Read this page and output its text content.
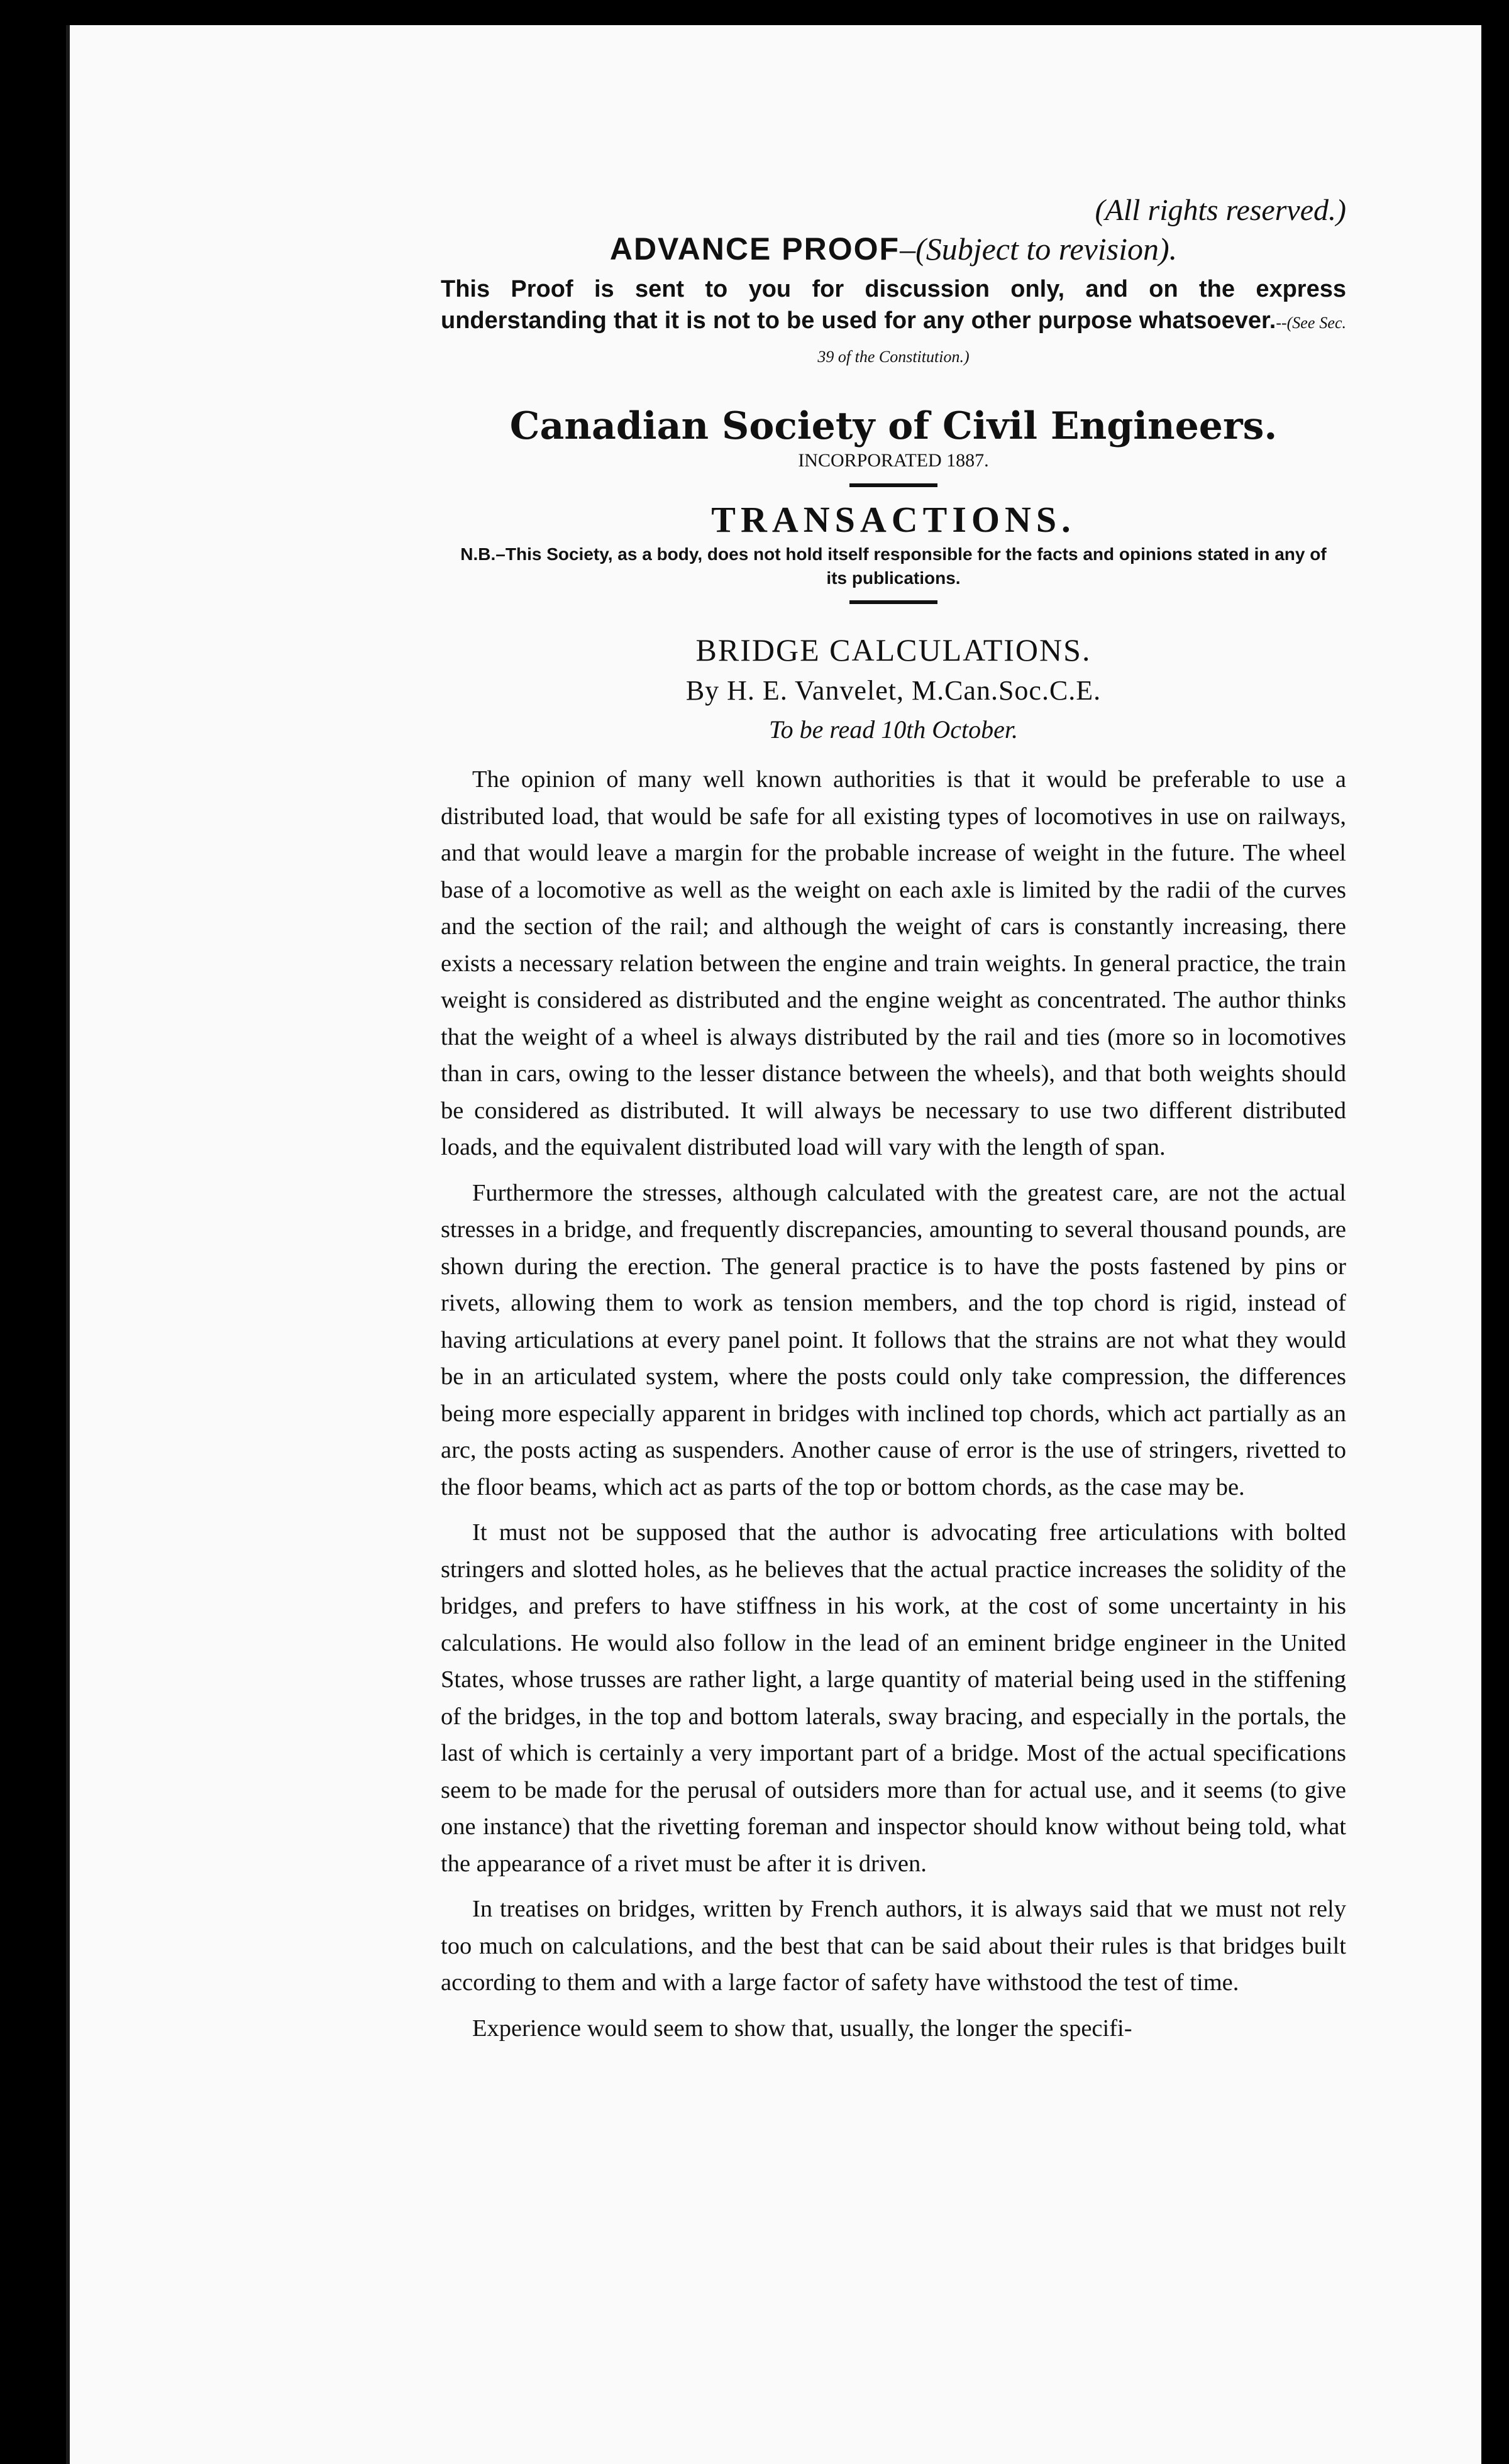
(All rights reserved.)
ADVANCE PROOF–(Subject to revision).
This Proof is sent to you for discussion only, and on the express understanding that it is not to be used for any other purpose whatsoever.--(See Sec. 39 of the Constitution.)
Canadian Society of Civil Engineers.
INCORPORATED 1887.
TRANSACTIONS.
N.B.–This Society, as a body, does not hold itself responsible for the facts and opinions stated in any of its publications.
BRIDGE CALCULATIONS.
By H. E. Vanvelet, M.Can.Soc.C.E.
To be read 10th October.

The opinion of many well known authorities is that it would be preferable to use a distributed load, that would be safe for all existing types of locomotives in use on railways, and that would leave a margin for the probable increase of weight in the future. The wheel base of a locomotive as well as the weight on each axle is limited by the radii of the curves and the section of the rail; and although the weight of cars is constantly increasing, there exists a necessary relation between the engine and train weights. In general practice, the train weight is considered as distributed and the engine weight as concentrated. The author thinks that the weight of a wheel is always distributed by the rail and ties (more so in locomotives than in cars, owing to the lesser distance between the wheels), and that both weights should be considered as distributed. It will always be necessary to use two different distributed loads, and the equivalent distributed load will vary with the length of span.

Furthermore the stresses, although calculated with the greatest care, are not the actual stresses in a bridge, and frequently discrepancies, amounting to several thousand pounds, are shown during the erection. The general practice is to have the posts fastened by pins or rivets, allowing them to work as tension members, and the top chord is rigid, instead of having articulations at every panel point. It follows that the strains are not what they would be in an articulated system, where the posts could only take compression, the differences being more especially apparent in bridges with inclined top chords, which act partially as an arc, the posts acting as suspenders. Another cause of error is the use of stringers, rivetted to the floor beams, which act as parts of the top or bottom chords, as the case may be.

It must not be supposed that the author is advocating free articulations with bolted stringers and slotted holes, as he believes that the actual practice increases the solidity of the bridges, and prefers to have stiffness in his work, at the cost of some uncertainty in his calculations. He would also follow in the lead of an eminent bridge engineer in the United States, whose trusses are rather light, a large quantity of material being used in the stiffening of the bridges, in the top and bottom laterals, sway bracing, and especially in the portals, the last of which is certainly a very important part of a bridge. Most of the actual specifications seem to be made for the perusal of outsiders more than for actual use, and it seems (to give one instance) that the rivetting foreman and inspector should know without being told, what the appearance of a rivet must be after it is driven.

In treatises on bridges, written by French authors, it is always said that we must not rely too much on calculations, and the best that can be said about their rules is that bridges built according to them and with a large factor of safety have withstood the test of time.

Experience would seem to show that, usually, the longer the specifi-
